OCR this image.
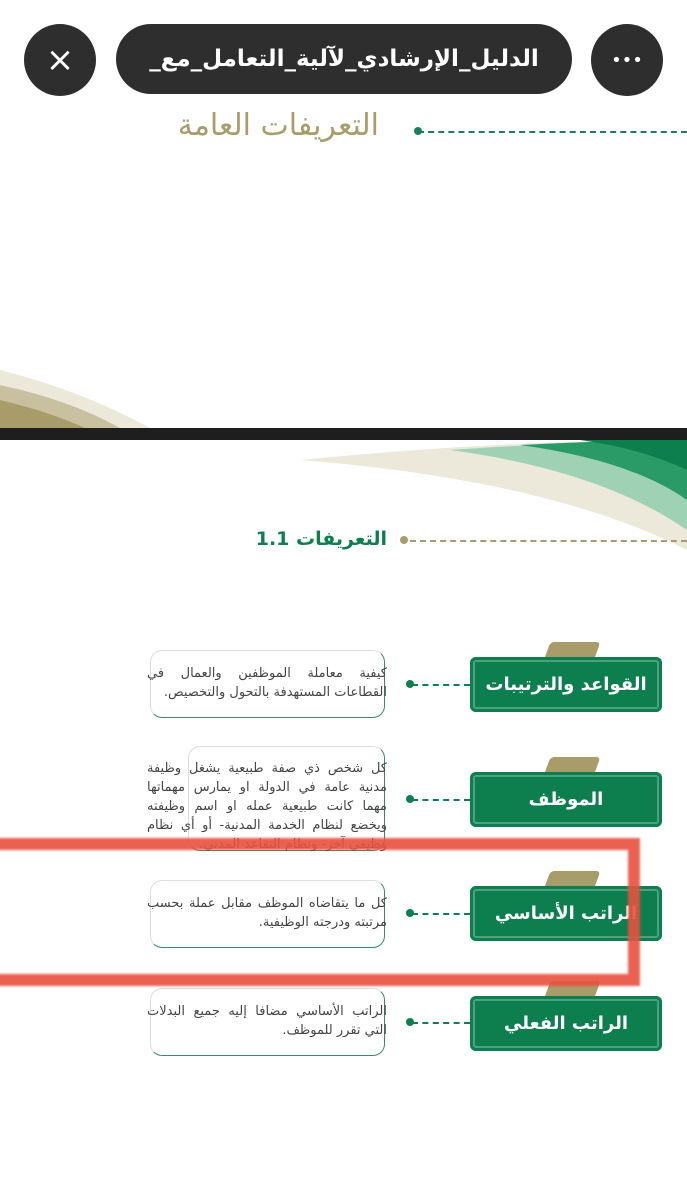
×	الدليل_الإرشادي_لآلية_التعامل_مع_	•••
التعريفات العامة
التعريفات 1.1
القواعد والترتيبات
كيفية معاملة الموظفين والعمال في القطاعات المستهدفة بالتحول والتخصيص.
الموظف
كل شخص ذي صفة طبيعية يشغل وظيفة مدنية عامة في الدولة او يمارس مهماتها مهما كانت طبيعية عمله او اسم وظيفته ويخضع لنظام الخدمة المدنية- أو أي نظام وظيفي آخر- ونظام التقاعد المدني.
الراتب الأساسي
كل ما يتقاضاه الموظف مقابل عملة بحسب مرتبته ودرجته الوظيفية.
الراتب الفعلي
الراتب الأساسي مضافا إليه جميع البدلات التي تقرر للموظف.
